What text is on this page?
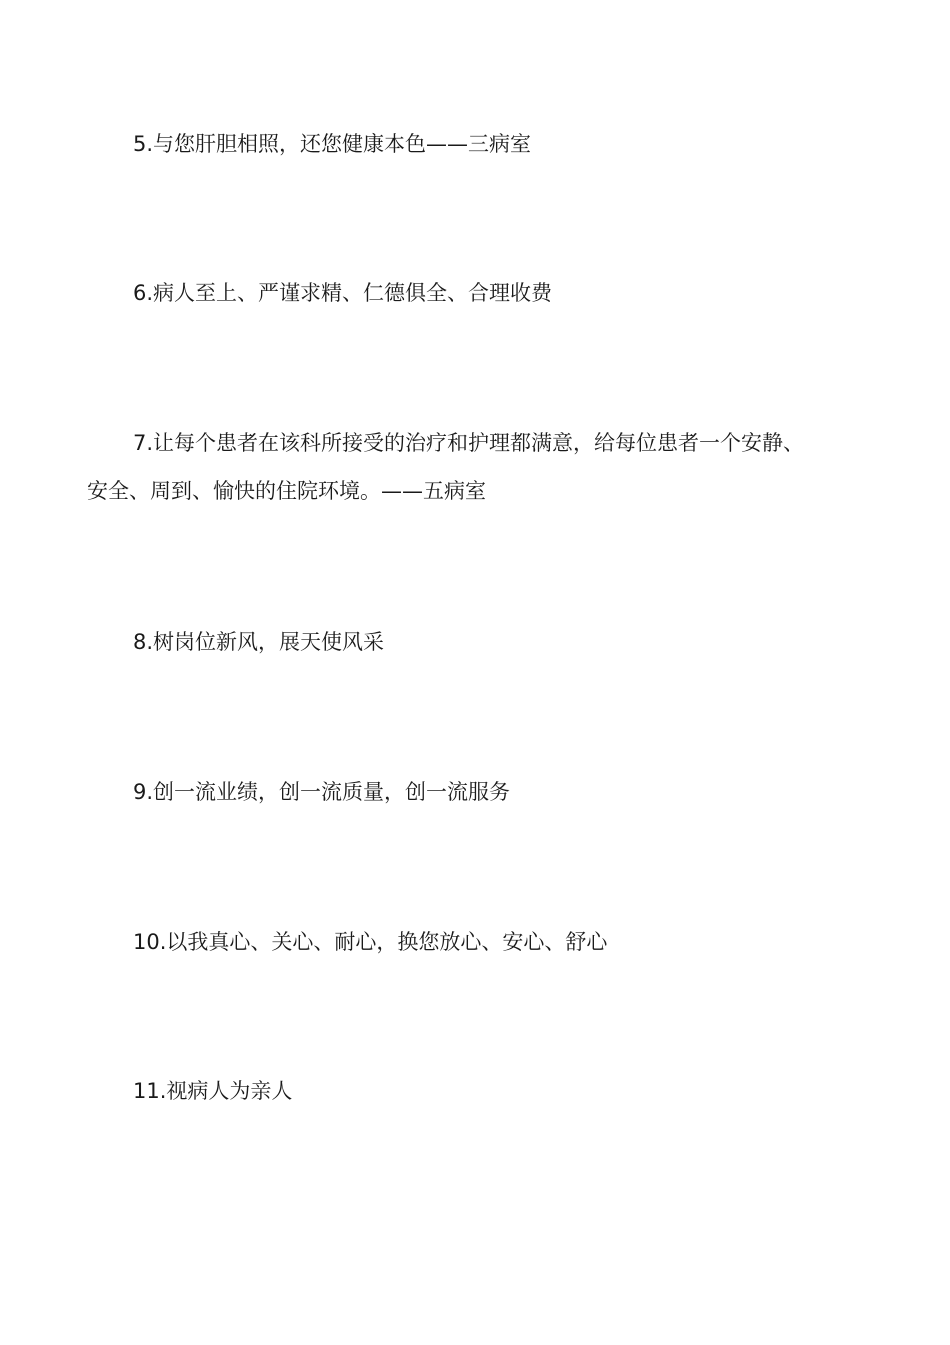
5.与您肝胆相照，还您健康本色——三病室

6.病人至上、严谨求精、仁德俱全、合理收费

7.让每个患者在该科所接受的治疗和护理都满意，给每位患者一个安静、安全、周到、愉快的住院环境。——五病室

8.树岗位新风，展天使风采

9.创一流业绩，创一流质量，创一流服务

10.以我真心、关心、耐心，换您放心、安心、舒心

11.视病人为亲人
